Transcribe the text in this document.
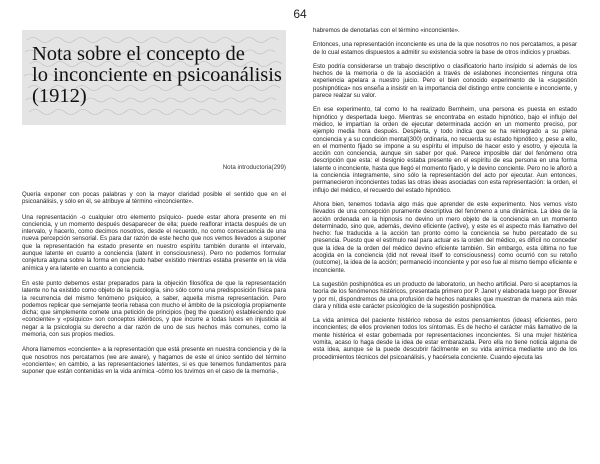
64
Nota sobre el concepto de
lo inconciente en psicoanálisis
(1912)
Nota introductoria(299)

Quería exponer con pocas palabras y con la mayor claridad posible el sentido que en el psicoanálisis, y sólo en él, se atribuye al término «inconciente».

Una representación -o cualquier otro elemento psíquico- puede estar ahora presente en mi conciencia, y un momento después desaparecer de ella; puede reaflorar intacta después de un intervalo, y hacerlo, como decimos nosotros, desde el recuerdo, no como consecuencia de una nueva percepción sensorial. Es para dar razón de este hecho que nos vemos llevados a suponer que la representación ha estado presente en nuestro espíritu también durante el intervalo, aunque latente en cuanto a conciencia (latent in consciousness). Pero no podemos formular conjetura alguna sobre la forma en que pudo haber existido mientras estaba presente en la vida anímica y era latente en cuanto a conciencia.

En este punto debemos estar preparados para la objeción filosófica de que la representación latente no ha existido como objeto de la psicología, sino sólo como una predisposición física para la recurrencia del mismo fenómeno psíquico, a saber, aquella misma representación. Pero podemos replicar que semejante teoría rebasa con mucho el ámbito de la psicología propiamente dicha; que simplemente comete una petición de principios (beg the question) estableciendo que «conciente» y «psíquico» son conceptos idénticos, y que incurre a todas luces en injusticia al negar a la psicología su derecho a dar razón de uno de sus hechos más comunes, como la memoria, con sus propios medios.

Ahora llamemos «conciente» a la representación que está presente en nuestra conciencia y de la que nosotros nos percatamos (we are aware), y hagamos de este el único sentido del término «conciente»; en cambio, a las representaciones latentes, si es que tenemos fundamentos para suponer que están contenidas en la vida anímica -cómo los tuvimos en el caso de la memoria-,

habremos de denotarlas con el término «inconciente».

Entonces, una representación inconciente es una de la que nosotros no nos percatamos, a pesar de lo cual estamos dispuestos a admitir su existencia sobre la base de otros indicios y pruebas.

Esto podría considerarse un trabajo descriptivo o clasificatorio harto insípido si además de los hechos de la memoria o de la asociación a través de eslabones inconcientes ninguna otra experiencia apelara a nuestro juicio. Pero el bien conocido experimento de la «sugestión poshipnótica» nos enseña a insistir en la importancia del distingo entre conciente e inconciente, y parece realzar su valor.

En ese experimento, tal como lo ha realizado Bernheim, una persona es puesta en estado hipnótico y despertada luego. Mientras se encontraba en estado hipnótico, bajo el influjo del médico, le impartían la orden de ejecutar determinada acción en un momento preciso, por ejemplo media hora después. Despierta, y todo indica que se ha reintegrado a su plena conciencia y a su condición mental(300) ordinaria, no recuerda su estado hipnótico y, pese a ello, en el momento fijado se impone a su espíritu el impulso de hacer esto y esotro, y ejecuta la acción con conciencia, aunque sin saber por qué. Parece imposible dar del fenómeno otra descripción que esta: el designio estaba presente en el espíritu de esa persona en una forma latente o inconciente, hasta que llegó el momento fijado, y le devino conciente. Pero no le afloró a la conciencia íntegramente, sino sólo la representación del acto por ejecutar. Aun entonces, permanecieron inconcientes todas las otras ideas asociadas con esta representación: la orden, el influjo del médico, el recuerdo del estado hipnótico.

Ahora bien, tenemos todavía algo más que aprender de este experimento. Nos vemos visto llevados de una concepción puramente descriptiva del fenómeno a una dinámica. La idea de la acción ordenada en la hipnosis no devino un mero objeto de la conciencia en un momento determinado, sino que, además, devino eficiente (active), y este es el aspecto más llamativo del hecho: fue traducida a la acción tan pronto como la conciencia se hubo percatado de su presencia. Puesto que el estímulo real para actuar es la orden del médico, es difícil no conceder que la idea de la orden del médico devino eficiente también. Sin embargo, esta última no fue acogida en la conciencia (did not reveal itself to consciousness) como ocurrió con su retoño (outcome), la idea de la acción; permaneció inconciente y por eso fue al mismo tiempo eficiente e inconciente.

La sugestión poshipnótica es un producto de laboratorio, un hecho artificial. Pero si aceptamos la teoría de los fenómenos histéricos, presentada primero por P. Janet y elaborada luego por Breuer y por mí, dispondremos de una profusión de hechos naturales que muestran de manera aún más clara y nítida este carácter psicológico de la sugestión poshipnótica.

La vida anímica del paciente histérico rebosa de estos pensamientos (ideas) eficientes, pero inconcientes; de ellos provienen todos los síntomas. Es de hecho el carácter más llamativo de la mente histérica el estar gobernada por representaciones inconcientes. Si una mujer histérica vomita, acaso lo haga desde la idea de estar embarazada. Pero ella no tiene noticia alguna de esta idea, aunque se la puede descubrir fácilmente en su vida anímica mediante uno de los procedimientos técnicos del psicoanálisis, y hacérsela conciente. Cuando ejecuta las
